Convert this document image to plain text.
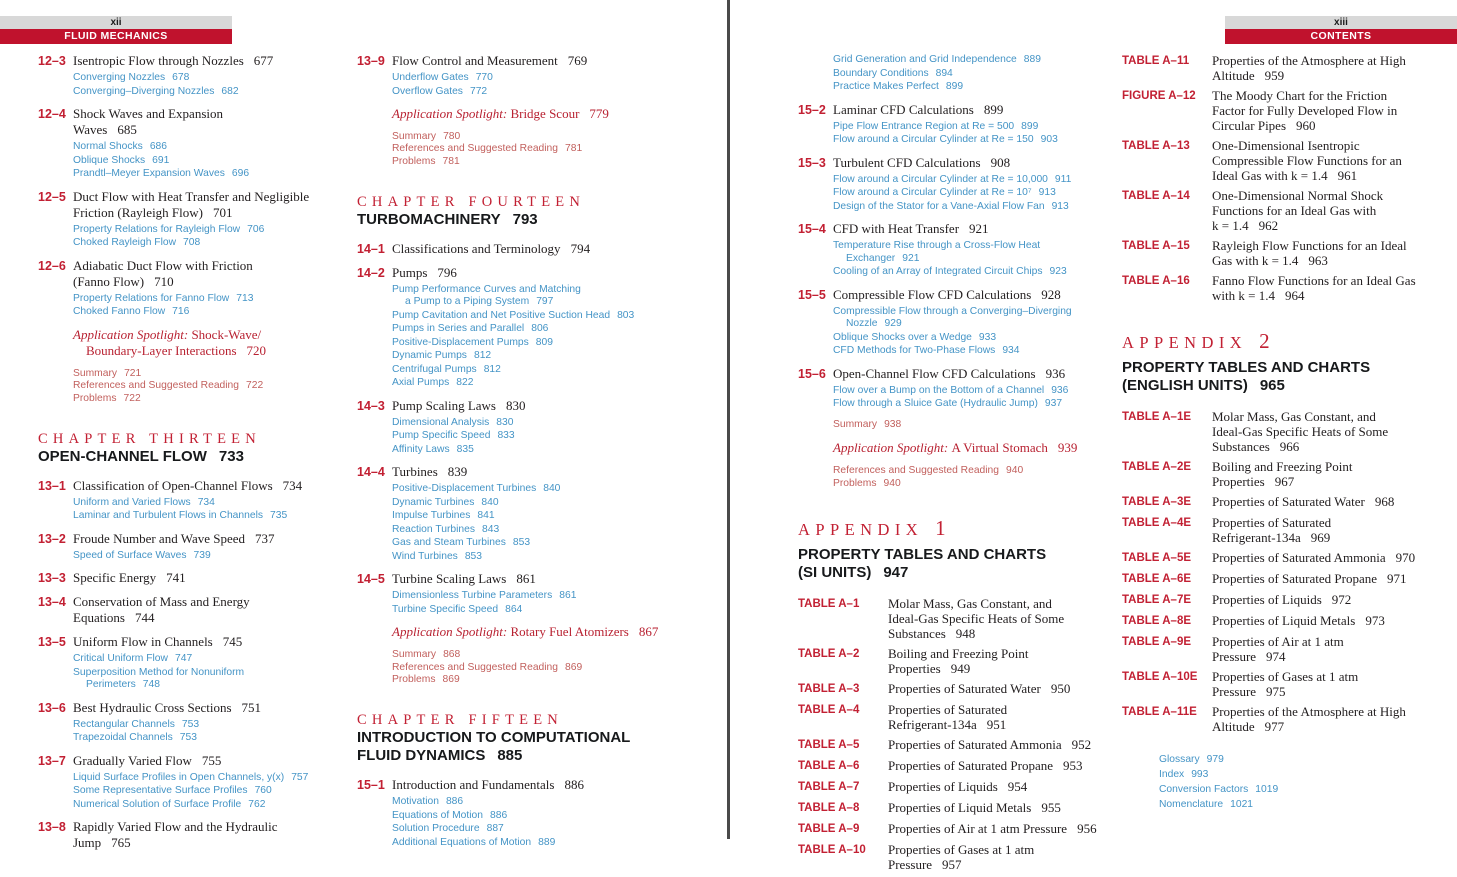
xii
FLUID MECHANICS
12–3 Isentropic Flow through Nozzles 677
Converging Nozzles 678
Converging–Diverging Nozzles 682
12–4 Shock Waves and Expansion
Waves 685
Normal Shocks 686
Oblique Shocks 691
Prandtl–Meyer Expansion Waves 696
12–5 Duct Flow with Heat Transfer and Negligible
Friction (Rayleigh Flow) 701
Property Relations for Rayleigh Flow 706
Choked Rayleigh Flow 708
12–6 Adiabatic Duct Flow with Friction
(Fanno Flow) 710
Property Relations for Fanno Flow 713
Choked Fanno Flow 716
Application Spotlight: Shock-Wave/
Boundary-Layer Interactions 720
Summary 721
References and Suggested Reading 722
Problems 722
CHAPTER THIRTEEN
OPEN-CHANNEL FLOW 733
13–1 Classification of Open-Channel Flows 734
Uniform and Varied Flows 734
Laminar and Turbulent Flows in Channels 735
13–2 Froude Number and Wave Speed 737
Speed of Surface Waves 739
13–3 Specific Energy 741
13–4 Conservation of Mass and Energy
Equations 744
13–5 Uniform Flow in Channels 745
Critical Uniform Flow 747
Superposition Method for Nonuniform
Perimeters 748
13–6 Best Hydraulic Cross Sections 751
Rectangular Channels 753
Trapezoidal Channels 753
13–7 Gradually Varied Flow 755
Liquid Surface Profiles in Open Channels, y(x) 757
Some Representative Surface Profiles 760
Numerical Solution of Surface Profile 762
13–8 Rapidly Varied Flow and the Hydraulic
Jump 765
13–9 Flow Control and Measurement 769
Underflow Gates 770
Overflow Gates 772
Application Spotlight: Bridge Scour 779
Summary 780
References and Suggested Reading 781
Problems 781
CHAPTER FOURTEEN
TURBOMACHINERY 793
14–1 Classifications and Terminology 794
14–2 Pumps 796
Pump Performance Curves and Matching
a Pump to a Piping System 797
Pump Cavitation and Net Positive Suction Head 803
Pumps in Series and Parallel 806
Positive-Displacement Pumps 809
Dynamic Pumps 812
Centrifugal Pumps 812
Axial Pumps 822
14–3 Pump Scaling Laws 830
Dimensional Analysis 830
Pump Specific Speed 833
Affinity Laws 835
14–4 Turbines 839
Positive-Displacement Turbines 840
Dynamic Turbines 840
Impulse Turbines 841
Reaction Turbines 843
Gas and Steam Turbines 853
Wind Turbines 853
14–5 Turbine Scaling Laws 861
Dimensionless Turbine Parameters 861
Turbine Specific Speed 864
Application Spotlight: Rotary Fuel Atomizers 867
Summary 868
References and Suggested Reading 869
Problems 869
CHAPTER FIFTEEN
INTRODUCTION TO COMPUTATIONAL
FLUID DYNAMICS 885
15–1 Introduction and Fundamentals 886
Motivation 886
Equations of Motion 886
Solution Procedure 887
Additional Equations of Motion 889
xiii
CONTENTS
Grid Generation and Grid Independence 889
Boundary Conditions 894
Practice Makes Perfect 899
15–2 Laminar CFD Calculations 899
Pipe Flow Entrance Region at Re = 500 899
Flow around a Circular Cylinder at Re = 150 903
15–3 Turbulent CFD Calculations 908
Flow around a Circular Cylinder at Re = 10,000 911
Flow around a Circular Cylinder at Re = 10⁷ 913
Design of the Stator for a Vane-Axial Flow Fan 913
15–4 CFD with Heat Transfer 921
Temperature Rise through a Cross-Flow Heat
Exchanger 921
Cooling of an Array of Integrated Circuit Chips 923
15–5 Compressible Flow CFD Calculations 928
Compressible Flow through a Converging–Diverging
Nozzle 929
Oblique Shocks over a Wedge 933
CFD Methods for Two-Phase Flows 934
15–6 Open-Channel Flow CFD Calculations 936
Flow over a Bump on the Bottom of a Channel 936
Flow through a Sluice Gate (Hydraulic Jump) 937
Summary 938
Application Spotlight: A Virtual Stomach 939
References and Suggested Reading 940
Problems 940
APPENDIX 1
PROPERTY TABLES AND CHARTS
(SI UNITS) 947
TABLE A–1	Molar Mass, Gas Constant, and
Ideal-Gas Specific Heats of Some
Substances 948
TABLE A–2	Boiling and Freezing Point
Properties 949
TABLE A–3	Properties of Saturated Water 950
TABLE A–4	Properties of Saturated
Refrigerant-134a 951
TABLE A–5	Properties of Saturated Ammonia 952
TABLE A–6	Properties of Saturated Propane 953
TABLE A–7	Properties of Liquids 954
TABLE A–8	Properties of Liquid Metals 955
TABLE A–9	Properties of Air at 1 atm Pressure 956
TABLE A–10	Properties of Gases at 1 atm
Pressure 957
TABLE A–11	Properties of the Atmosphere at High
Altitude 959
FIGURE A–12	The Moody Chart for the Friction
Factor for Fully Developed Flow in
Circular Pipes 960
TABLE A–13	One-Dimensional Isentropic
Compressible Flow Functions for an
Ideal Gas with k = 1.4 961
TABLE A–14	One-Dimensional Normal Shock
Functions for an Ideal Gas with
k = 1.4 962
TABLE A–15	Rayleigh Flow Functions for an Ideal
Gas with k = 1.4 963
TABLE A–16	Fanno Flow Functions for an Ideal Gas
with k = 1.4 964
APPENDIX 2
PROPERTY TABLES AND CHARTS
(ENGLISH UNITS) 965
TABLE A–1E	Molar Mass, Gas Constant, and
Ideal-Gas Specific Heats of Some
Substances 966
TABLE A–2E	Boiling and Freezing Point
Properties 967
TABLE A–3E	Properties of Saturated Water 968
TABLE A–4E	Properties of Saturated
Refrigerant-134a 969
TABLE A–5E	Properties of Saturated Ammonia 970
TABLE A–6E	Properties of Saturated Propane 971
TABLE A–7E	Properties of Liquids 972
TABLE A–8E	Properties of Liquid Metals 973
TABLE A–9E	Properties of Air at 1 atm
Pressure 974
TABLE A–10E	Properties of Gases at 1 atm
Pressure 975
TABLE A–11E	Properties of the Atmosphere at High
Altitude 977
Glossary 979
Index 993
Conversion Factors 1019
Nomenclature 1021
